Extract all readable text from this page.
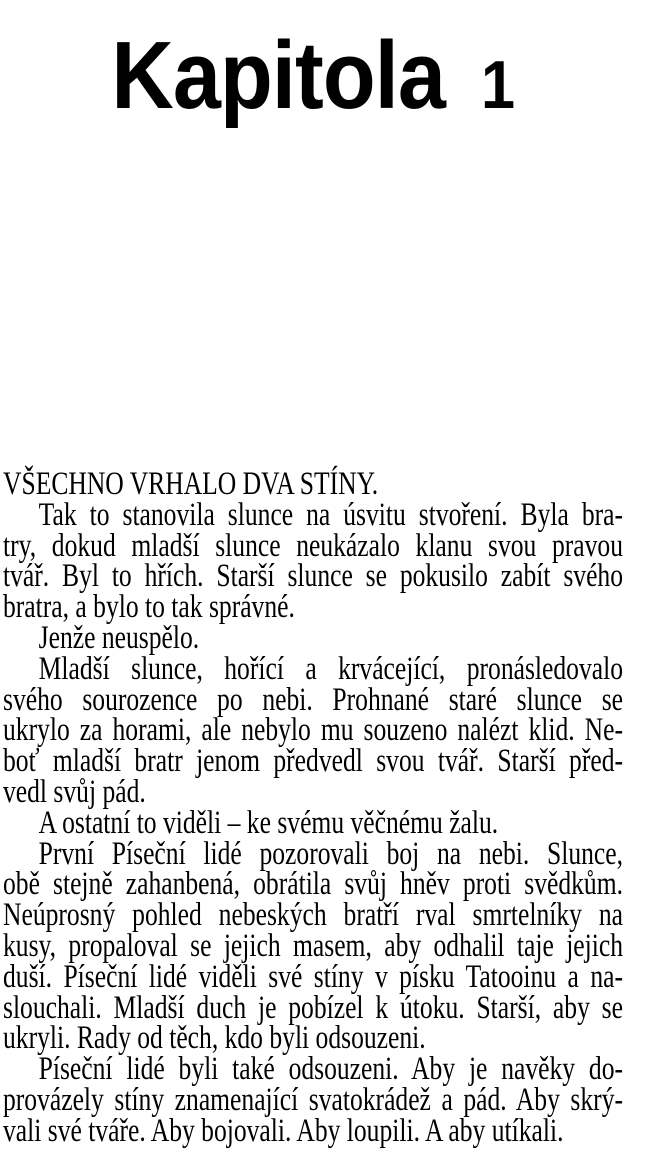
Kapitola 1
VŠECHNO VRHALO DVA STÍNY.
Tak to stanovila slunce na úsvitu stvoření. Byla bra-
try, dokud mladší slunce neukázalo klanu svou pravou
tvář. Byl to hřích. Starší slunce se pokusilo zabít svého
bratra, a bylo to tak správné.
Jenže neuspělo.
Mladší slunce, hořící a krvácející, pronásledovalo
svého sourozence po nebi. Prohnané staré slunce se
ukrylo za horami, ale nebylo mu souzeno nalézt klid. Ne-
boť mladší bratr jenom předvedl svou tvář. Starší před-
vedl svůj pád.
A ostatní to viděli – ke svému věčnému žalu.
První Píseční lidé pozorovali boj na nebi. Slunce,
obě stejně zahanbená, obrátila svůj hněv proti svědkům.
Neúprosný pohled nebeských bratří rval smrtelníky na
kusy, propaloval se jejich masem, aby odhalil taje jejich
duší. Píseční lidé viděli své stíny v písku Tatooinu a na-
slouchali. Mladší duch je pobízel k útoku. Starší, aby se
ukryli. Rady od těch, kdo byli odsouzeni.
Píseční lidé byli také odsouzeni. Aby je navěky do-
provázely stíny znamenající svatokrádež a pád. Aby skrý-
vali své tváře. Aby bojovali. Aby loupili. A aby utíkali.
